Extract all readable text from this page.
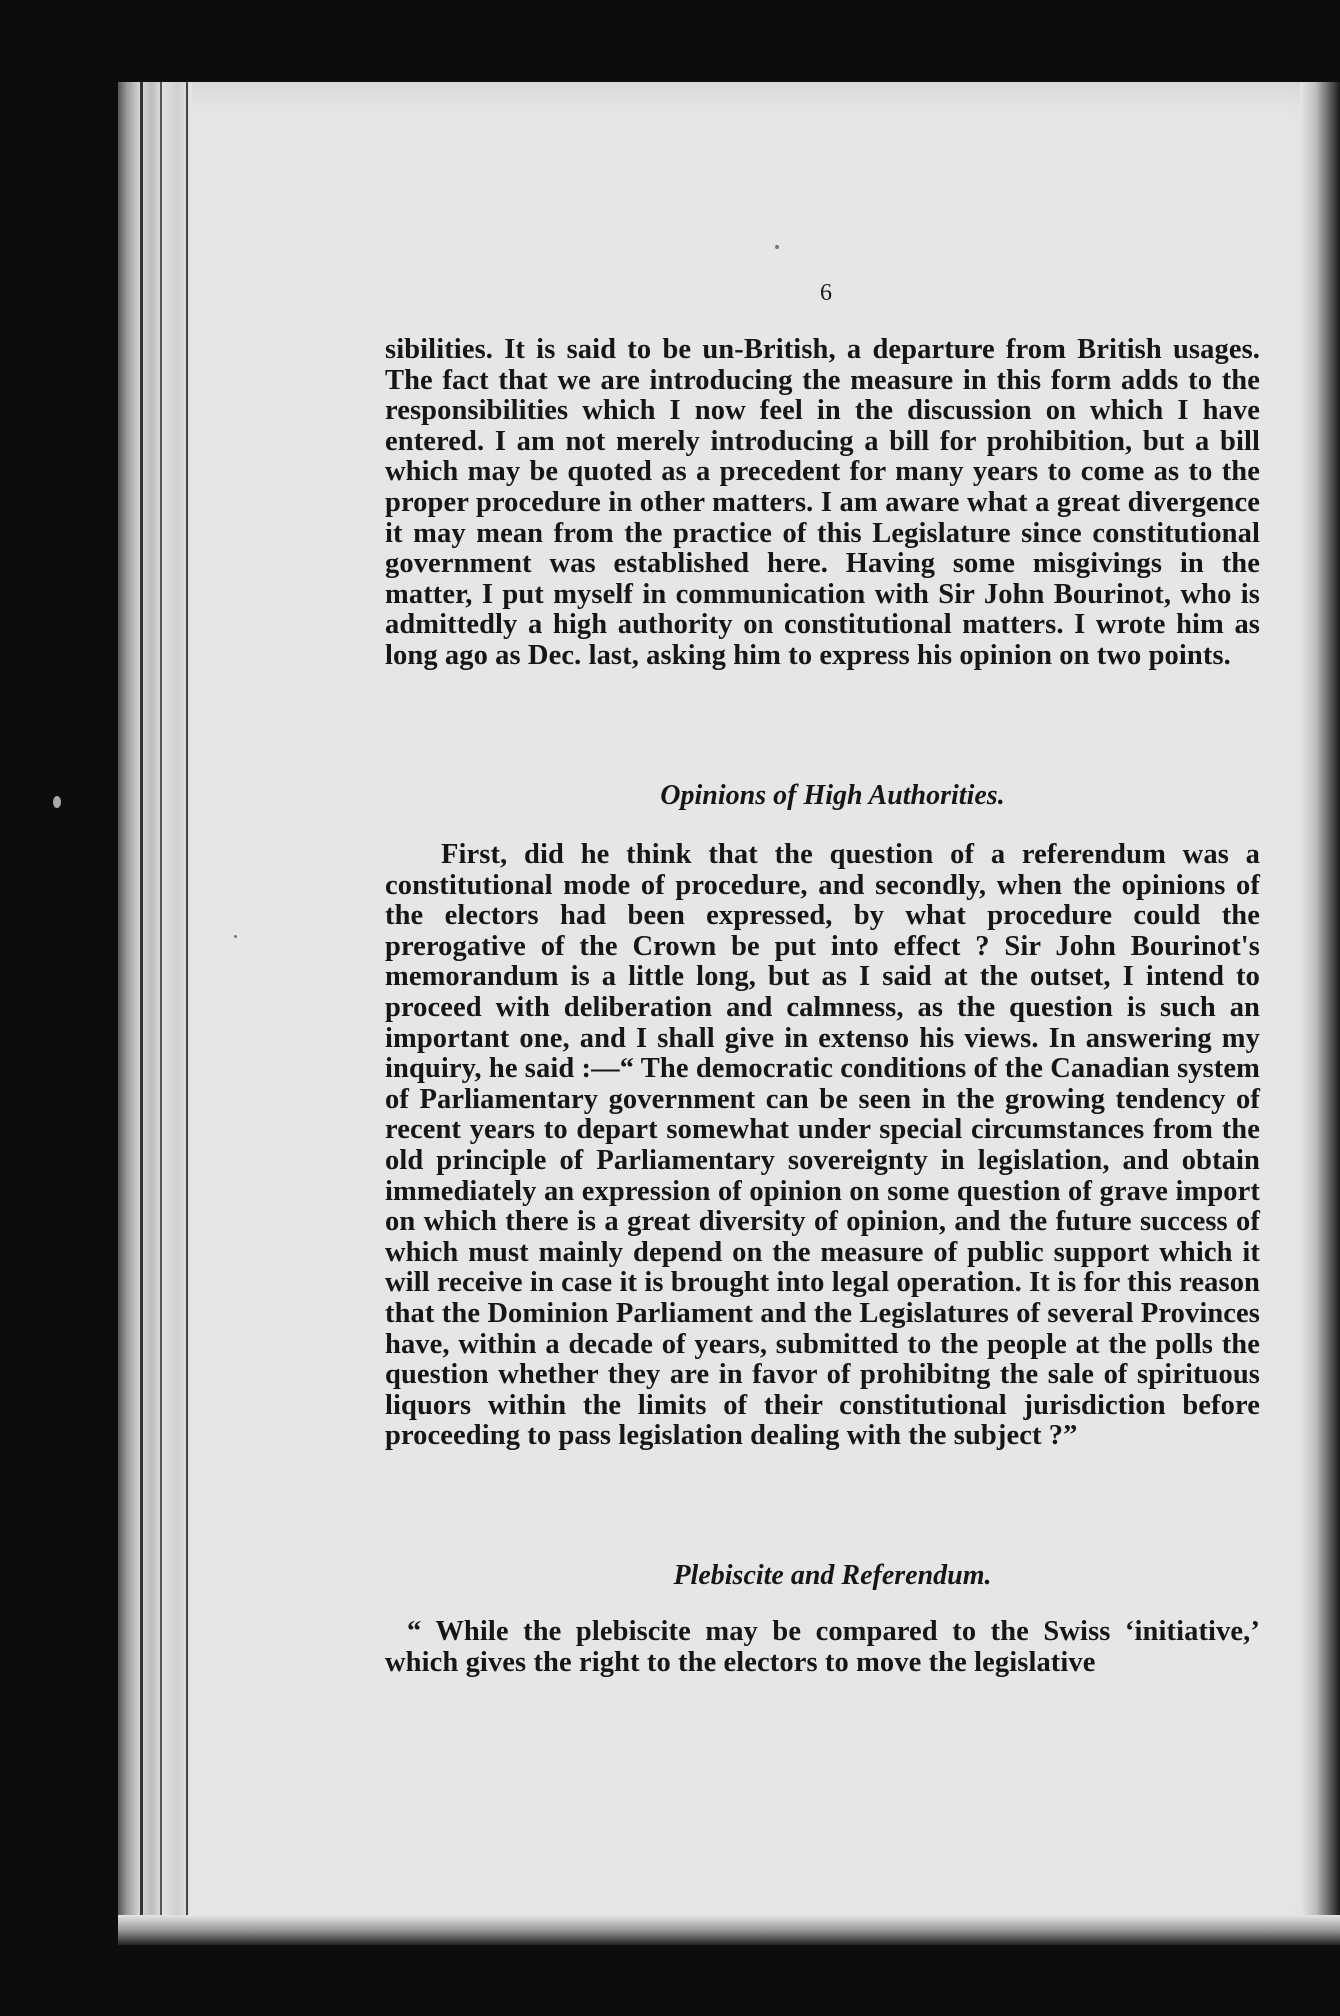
6
sibilities. It is said to be un-British, a departure from British usages. The fact that we are introducing the measure in this form adds to the responsibilities which I now feel in the discussion on which I have entered. I am not merely introducing a bill for prohibition, but a bill which may be quoted as a precedent for many years to come as to the proper procedure in other matters. I am aware what a great divergence it may mean from the practice of this Legislature since constitutional government was established here. Having some misgivings in the matter, I put myself in communication with Sir John Bourinot, who is admittedly a high authority on constitutional matters. I wrote him as long ago as Dec. last, asking him to express his opinion on two points.
Opinions of High Authorities.
First, did he think that the question of a referendum was a constitutional mode of procedure, and secondly, when the opinions of the electors had been expressed, by what procedure could the prerogative of the Crown be put into effect ? Sir John Bourinot's memorandum is a little long, but as I said at the outset, I intend to proceed with deliberation and calmness, as the question is such an important one, and I shall give in extenso his views. In answering my inquiry, he said :—“ The democratic conditions of the Canadian system of Parliamentary government can be seen in the growing tendency of recent years to depart somewhat under special circumstances from the old principle of Parliamentary sovereignty in legislation, and obtain immediately an expression of opinion on some question of grave import on which there is a great diversity of opinion, and the future success of which must mainly depend on the measure of public support which it will receive in case it is brought into legal operation. It is for this reason that the Dominion Parliament and the Legislatures of several Provinces have, within a decade of years, submitted to the people at the polls the question whether they are in favor of prohibitng the sale of spirituous liquors within the limits of their constitutional jurisdiction before proceeding to pass legislation dealing with the subject ?”
Plebiscite and Referendum.
“ While the plebiscite may be compared to the Swiss ‘initiative,’ which gives the right to the electors to move the legislative
